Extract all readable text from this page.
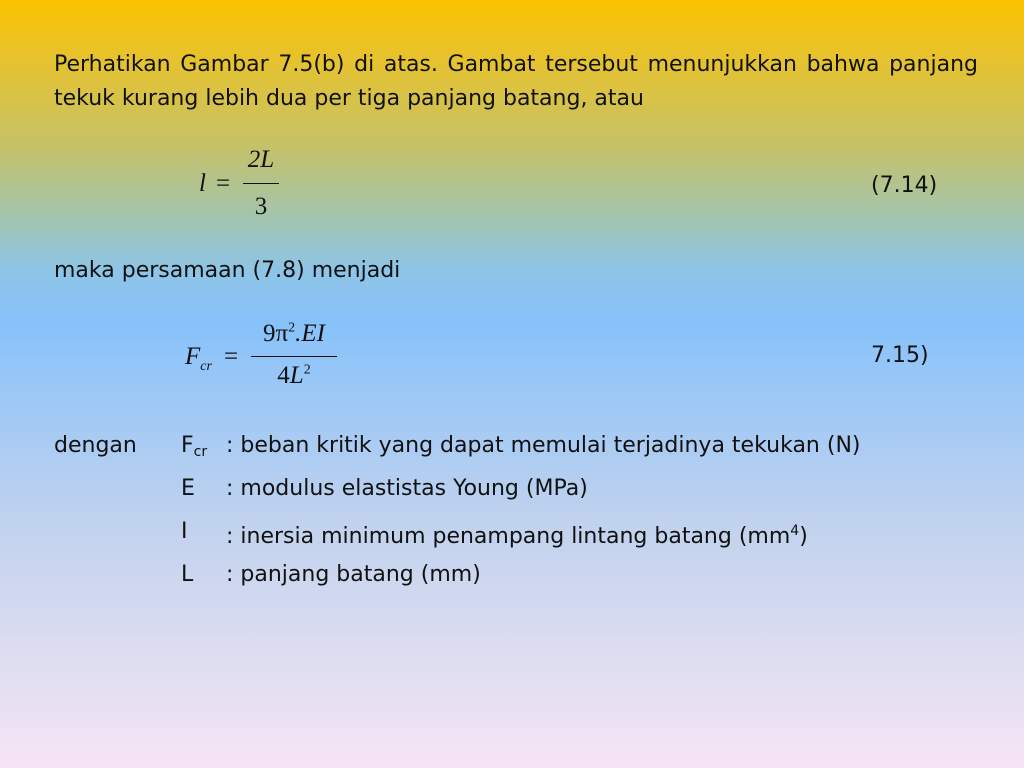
Perhatikan Gambar 7.5(b) di atas. Gambat tersebut menunjukkan bahwa panjang tekuk kurang lebih dua per tiga panjang batang, atau

l =
2L
3
(7.14)

maka persamaan (7.8) menjadi

$F_{cr}$ =
$9\pi^2.EI$
$4L^2$
7.15)
dengan Fcr : beban kritik yang dapat memulai terjadinya tekukan (N)
E : modulus elastistas Young (MPa)
I : inersia minimum penampang lintang batang $(mm^4)$
L : panjang batang (mm)
